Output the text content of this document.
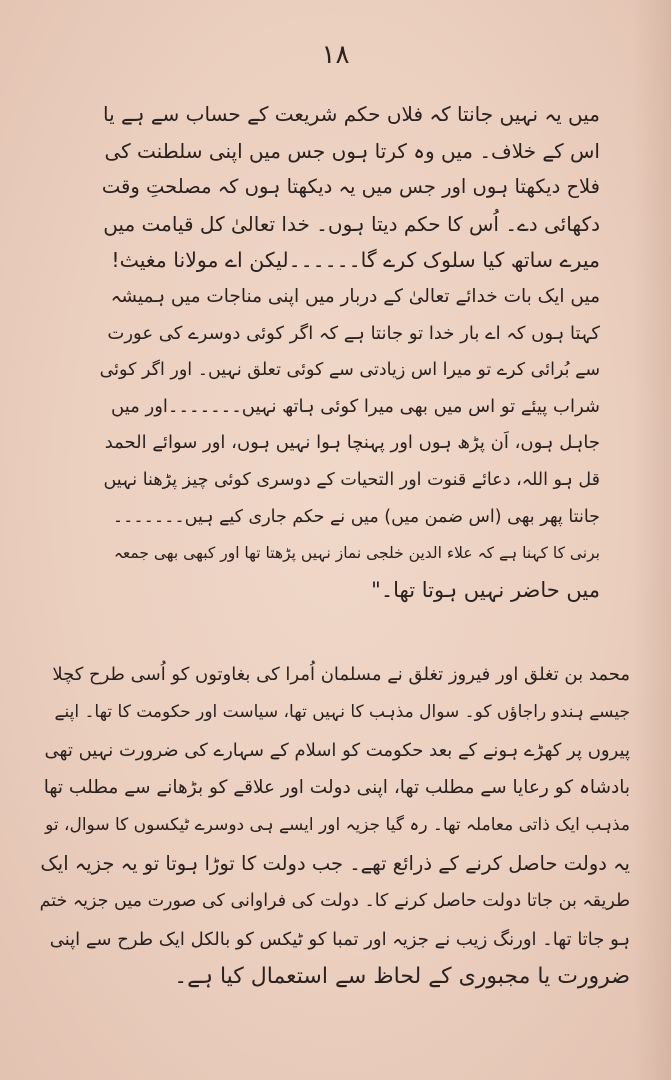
۱۸
میں یہ نہیں جانتا کہ فلاں حکم شریعت کے حساب سے ہے یا
اس کے خلاف۔ میں وہ کرتا ہوں جس میں اپنی سلطنت کی
فلاح دیکھتا ہوں اور جس میں یہ دیکھتا ہوں کہ مصلحتِ وقت
دکھائی دے۔ اُس کا حکم دیتا ہوں۔ خدا تعالیٰ کل قیامت میں
میرے ساتھ کیا سلوک کرے گا۔۔۔۔۔۔لیکن اے مولانا مغیث!
میں ایک بات خدائے تعالیٰ کے دربار میں اپنی مناجات میں ہمیشہ
کہتا ہوں کہ اے بار خدا تو جانتا ہے کہ اگر کوئی دوسرے کی عورت
سے بُرائی کرے تو میرا اس زیادتی سے کوئی تعلق نہیں۔ اور اگر کوئی
شراب پیئے تو اس میں بھی میرا کوئی ہاتھ نہیں۔۔۔۔۔۔۔اور میں
جاہل ہوں، اَن پڑھ ہوں اور پہنچا ہوا نہیں ہوں، اور سوائے الحمد
قل ہو اللہ، دعائے قنوت اور التحیات کے دوسری کوئی چیز پڑھنا نہیں
جانتا پھر بھی (اس ضمن میں) میں نے حکم جاری کیے ہیں۔۔۔۔۔۔۔
برنی کا کہنا ہے کہ علاء الدین خلجی نماز نہیں پڑھتا تھا اور کبھی بھی جمعہ
میں حاضر نہیں ہوتا تھا۔"
محمد بن تغلق اور فیروز تغلق نے مسلمان اُمرا کی بغاوتوں کو اُسی طرح کچلا
جیسے ہندو راجاؤں کو۔ سوال مذہب کا نہیں تھا، سیاست اور حکومت کا تھا۔ اپنے
پیروں پر کھڑے ہونے کے بعد حکومت کو اسلام کے سہارے کی ضرورت نہیں تھی
بادشاہ کو رعایا سے مطلب تھا، اپنی دولت اور علاقے کو بڑھانے سے مطلب تھا
مذہب ایک ذاتی معاملہ تھا۔ رہ گیا جزیہ اور ایسے ہی دوسرے ٹیکسوں کا سوال، تو
یہ دولت حاصل کرنے کے ذرائع تھے۔ جب دولت کا توڑا ہوتا تو یہ جزیہ ایک
طریقہ بن جاتا دولت حاصل کرنے کا۔ دولت کی فراوانی کی صورت میں جزیہ ختم
ہو جاتا تھا۔ اورنگ زیب نے جزیہ اور تمبا کو ٹیکس کو بالکل ایک طرح سے اپنی
ضرورت یا مجبوری کے لحاظ سے استعمال کیا ہے۔
